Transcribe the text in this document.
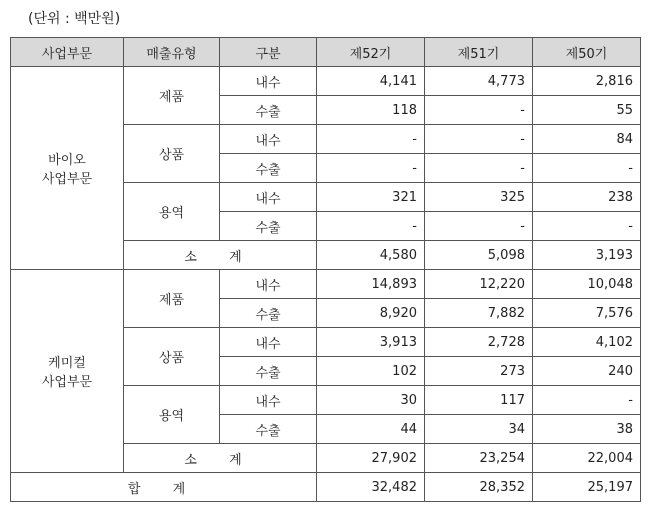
(단위 : 백만원)
사업부문	매출유형	구분	제52기	제51기	제50기

바이오
사업부문	제품	내수	4,141	4,773	2,816
		수출	118	-	55
	상품	내수	-	-	84
		수출	-	-	-
	용역	내수	321	325	238
		수출	-	-	-
	소 계		4,580	5,098	3,193

케미컬
사업부문	제품	내수	14,893	12,220	10,048
		수출	8,920	7,882	7,576
	상품	내수	3,913	2,728	4,102
		수출	102	273	240
	용역	내수	30	117	-
		수출	44	34	38
	소 계		27,902	23,254	22,004
합 계			32,482	28,352	25,197
